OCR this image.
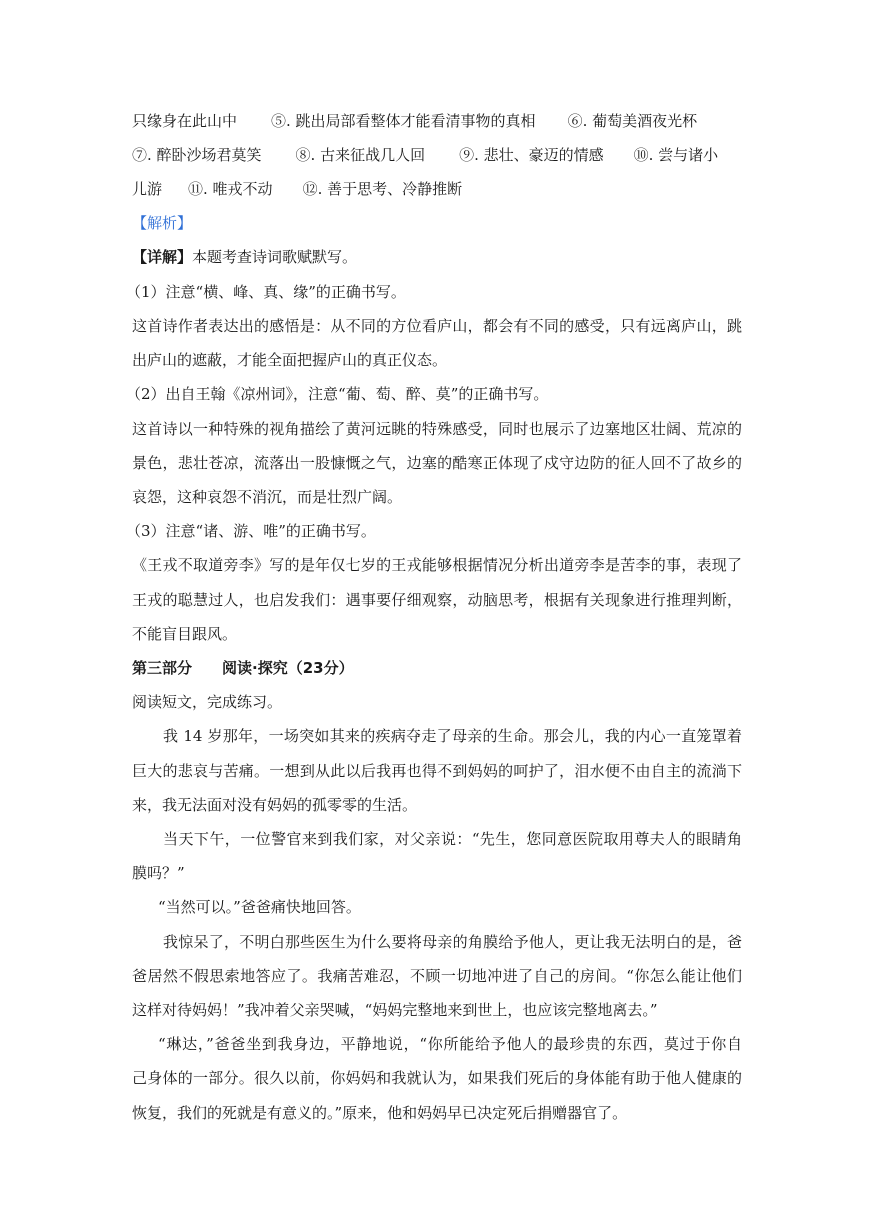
只缘身在此山中 ⑤. 跳出局部看整体才能看清事物的真相 ⑥. 葡萄美酒夜光杯
⑦. 醉卧沙场君莫笑 ⑧. 古来征战几人回 ⑨. 悲壮、豪迈的情感 ⑩. 尝与诸小
儿游 ⑪. 唯戎不动 ⑫. 善于思考、冷静推断
【解析】
【详解】本题考查诗词歌赋默写。
（1）注意“横、峰、真、缘”的正确书写。
这首诗作者表达出的感悟是：从不同的方位看庐山，都会有不同的感受，只有远离庐山，跳
出庐山的遮蔽，才能全面把握庐山的真正仪态。
（2）出自王翰《凉州词》，注意“葡、萄、醉、莫”的正确书写。
这首诗以一种特殊的视角描绘了黄河远眺的特殊感受，同时也展示了边塞地区壮阔、荒凉的
景色，悲壮苍凉，流落出一股慷慨之气，边塞的酷寒正体现了戍守边防的征人回不了故乡的
哀怨，这种哀怨不消沉，而是壮烈广阔。
（3）注意“诸、游、唯”的正确书写。
《王戎不取道旁李》写的是年仅七岁的王戎能够根据情况分析出道旁李是苦李的事，表现了
王戎的聪慧过人，也启发我们：遇事要仔细观察，动脑思考，根据有关现象进行推理判断，
不能盲目跟风。
第三部分　　阅读·探究（23分）
阅读短文，完成练习。
我 14 岁那年，一场突如其来的疾病夺走了母亲的生命。那会儿，我的内心一直笼罩着
巨大的悲哀与苦痛。一想到从此以后我再也得不到妈妈的呵护了，泪水便不由自主的流淌下
来，我无法面对没有妈妈的孤零零的生活。
当天下午，一位警官来到我们家，对父亲说：“先生，您同意医院取用尊夫人的眼睛角
膜吗？”
“当然可以。”爸爸痛快地回答。
我惊呆了，不明白那些医生为什么要将母亲的角膜给予他人，更让我无法明白的是，爸
爸居然不假思索地答应了。我痛苦难忍，不顾一切地冲进了自己的房间。“你怎么能让他们
这样对待妈妈！”我冲着父亲哭喊，“妈妈完整地来到世上，也应该完整地离去。”
“琳达，”爸爸坐到我身边，平静地说，“你所能给予他人的最珍贵的东西，莫过于你自
己身体的一部分。很久以前，你妈妈和我就认为，如果我们死后的身体能有助于他人健康的
恢复，我们的死就是有意义的。”原来，他和妈妈早已决定死后捐赠器官了。
